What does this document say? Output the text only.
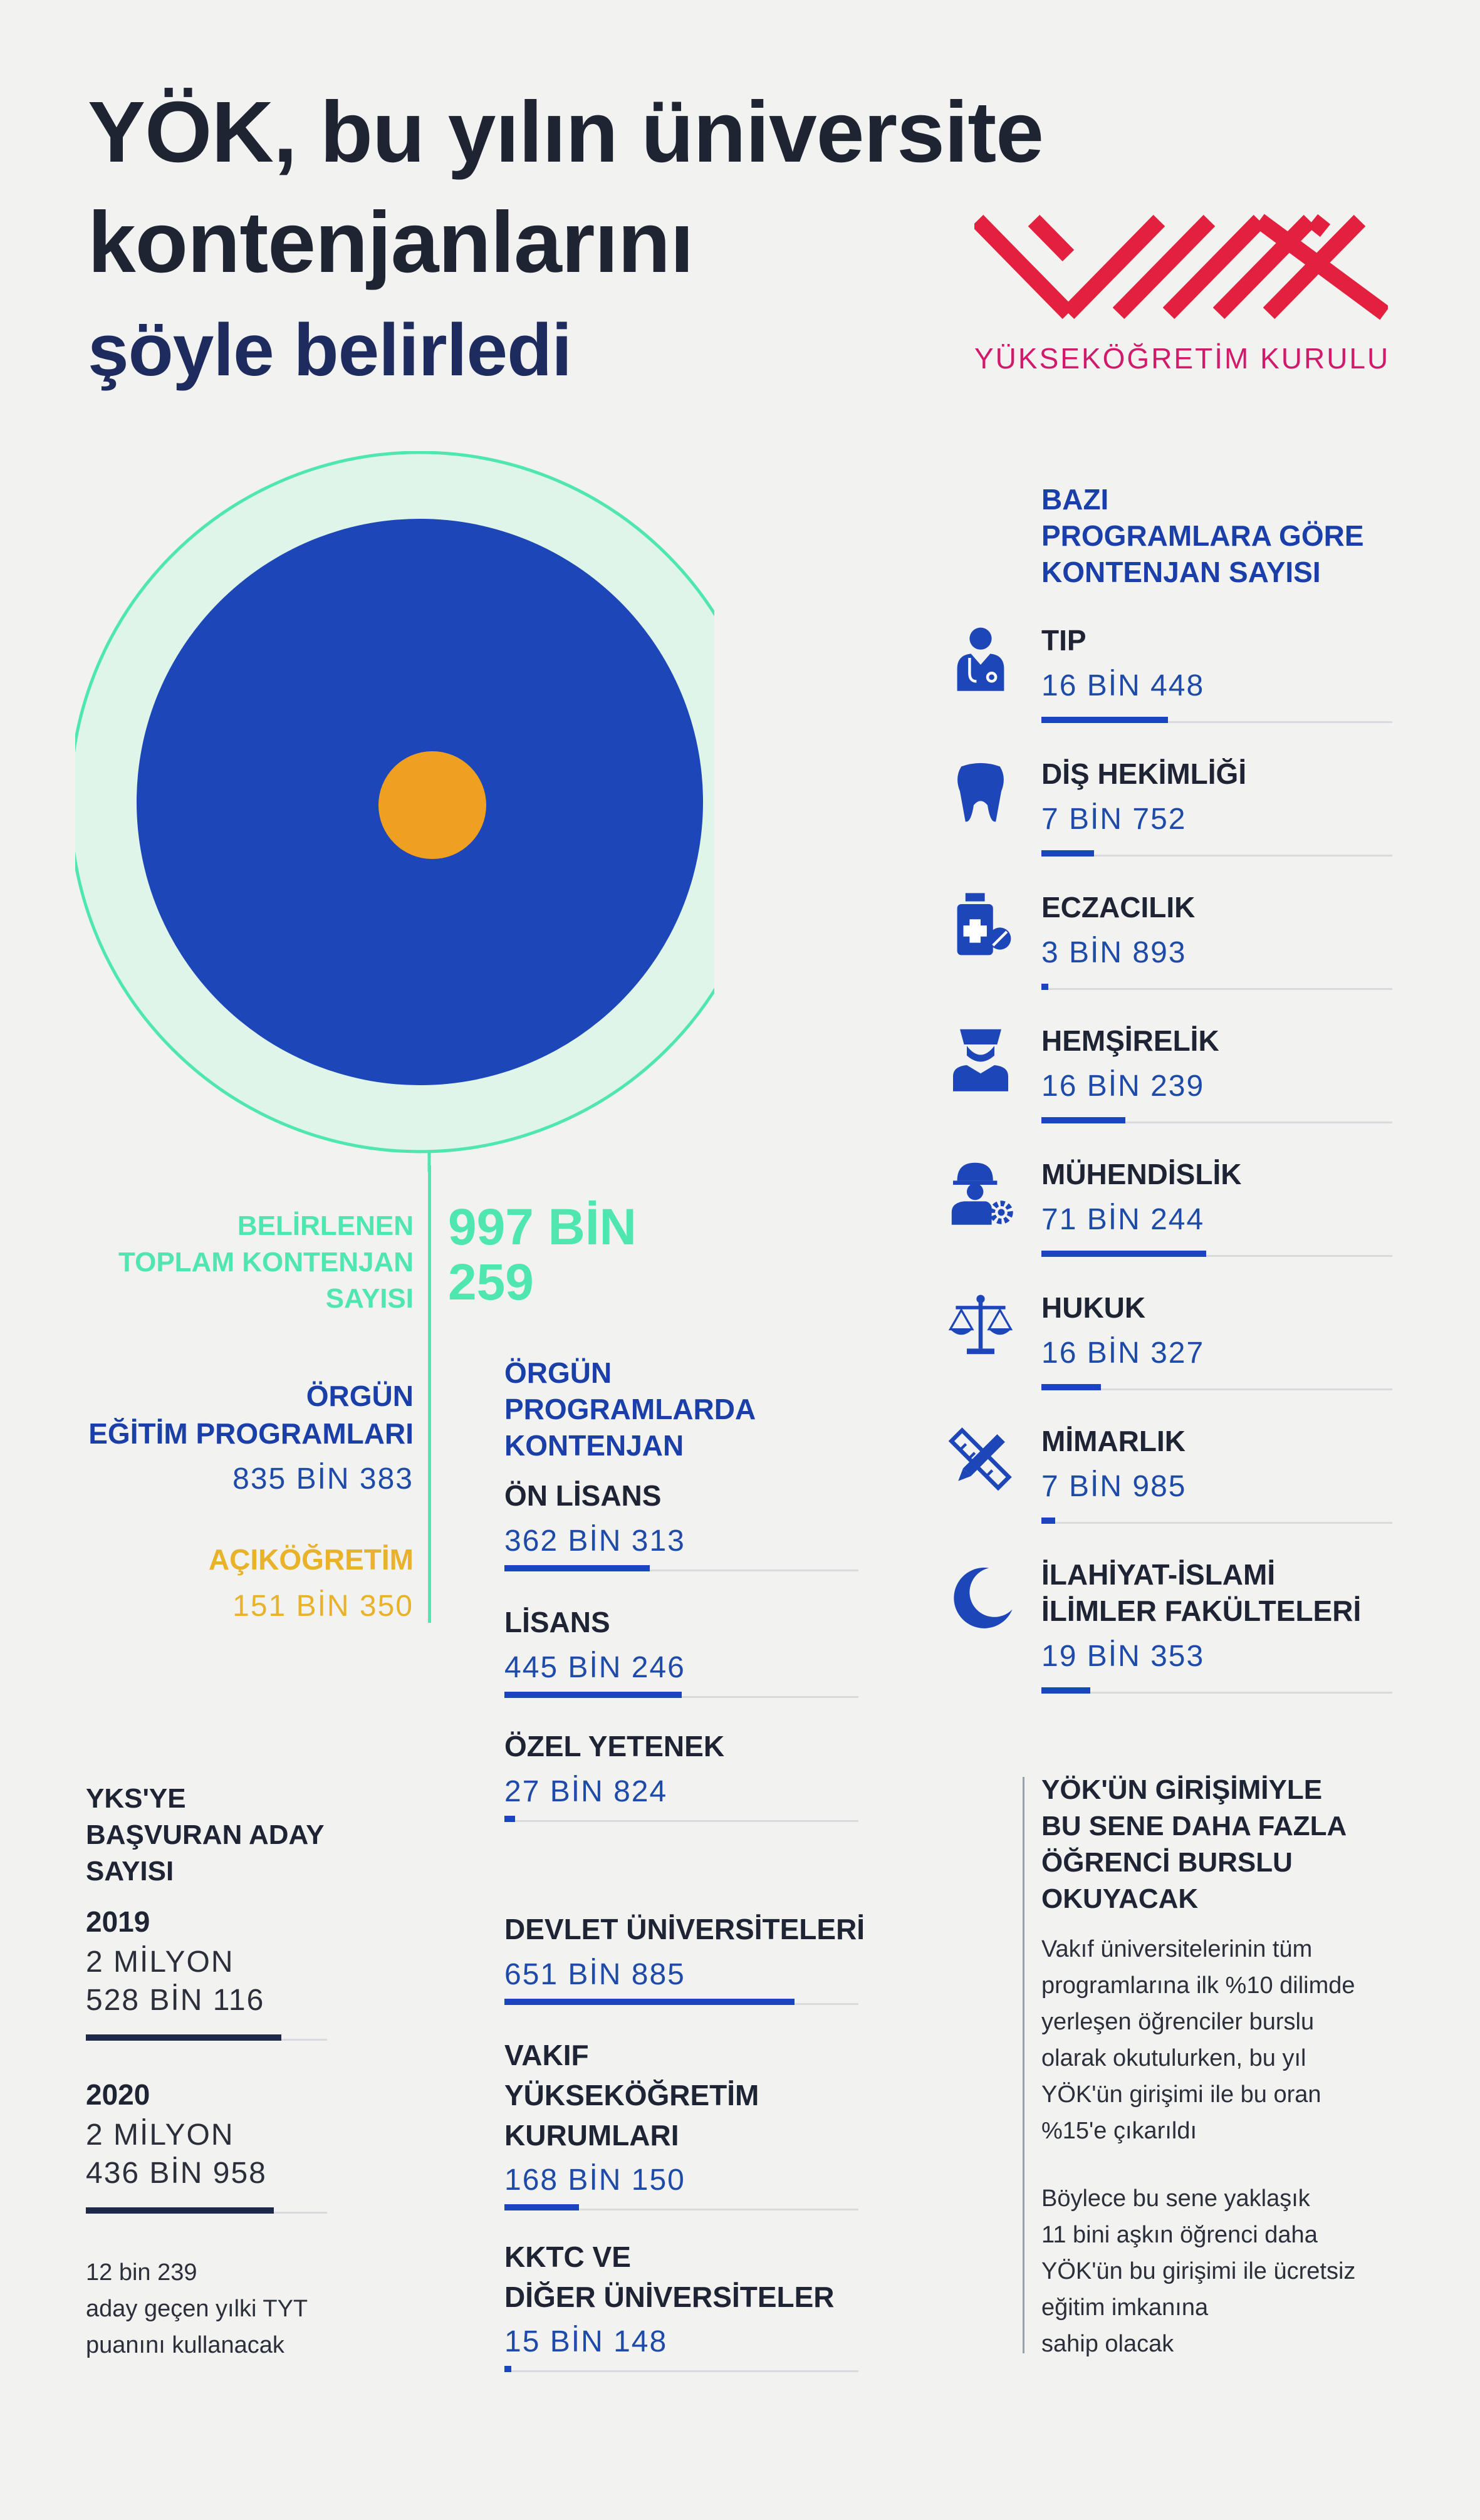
YÖK, bu yılın üniversite
kontenjanlarını
şöyle belirledi	YÜKSEKÖĞRETİM KURULU
BELİRLENEN
TOPLAM KONTENJAN
SAYISI
997 BİN
259
ÖRGÜN
EĞİTİM PROGRAMLARI
835 BİN 383
AÇIKÖĞRETİM
151 BİN 350
ÖRGÜN
PROGRAMLARDA
KONTENJAN
ÖN LİSANS
362 BİN 313
LİSANS
445 BİN 246
ÖZEL YETENEK
27 BİN 824
DEVLET ÜNİVERSİTELERİ
651 BİN 885
VAKIF
YÜKSEKÖĞRETİM
KURUMLARI
168 BİN 150
KKTC VE
DİĞER ÜNİVERSİTELER
15 BİN 148
YKS'YE
BAŞVURAN ADAY
SAYISI
2019
2 MİLYON
528 BİN 116
2020
2 MİLYON
436 BİN 958
12 bin 239
aday geçen yılki TYT
puanını kullanacak
BAZI
PROGRAMLARA GÖRE
KONTENJAN SAYISI
TIP
16 BİN 448
DİŞ HEKİMLİĞİ
7 BİN 752
ECZACILIK
3 BİN 893
HEMŞİRELİK
16 BİN 239
MÜHENDİSLİK
71 BİN 244
HUKUK
16 BİN 327
MİMARLIK
7 BİN 985
İLAHİYAT-İSLAMİ
İLİMLER FAKÜLTELERİ
19 BİN 353
YÖK'ÜN GİRİŞİMİYLE
BU SENE DAHA FAZLA
ÖĞRENCİ BURSLU
OKUYACAK
Vakıf üniversitelerinin tüm
programlarına ilk %10 dilimde
yerleşen öğrenciler burslu
olarak okutulurken, bu yıl
YÖK'ün girişimi ile bu oran
%15'e çıkarıldı
Böylece bu sene yaklaşık
11 bini aşkın öğrenci daha
YÖK'ün bu girişimi ile ücretsiz
eğitim imkanına
sahip olacak
